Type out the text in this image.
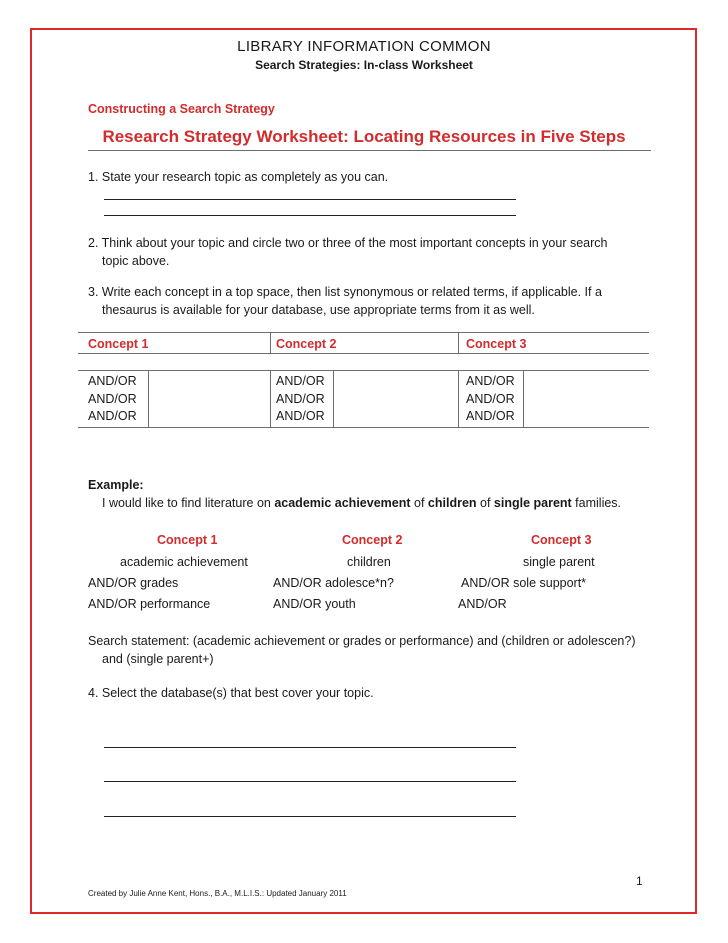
LIBRARY INFORMATION COMMON
Search Strategies: In-class Worksheet
Constructing a Search Strategy
Research Strategy Worksheet: Locating Resources in Five Steps
1. State your research topic as completely as you can.
2. Think about your topic and circle two or three of the most important concepts in your search
topic above.
3. Write each concept in a top space, then list synonymous or related terms, if applicable. If a
thesaurus is available for your database, use appropriate terms from it as well.
Concept 1	Concept 2	Concept 3
AND/OR	AND/OR	AND/OR
AND/OR	AND/OR	AND/OR
AND/OR	AND/OR	AND/OR
Example:
I would like to find literature on academic achievement of children of single parent families.
Concept 1	Concept 2	Concept 3
academic achievement	children	single parent
AND/OR grades	AND/OR adolesce*n?	AND/OR sole support*
AND/OR performance	AND/OR youth	AND/OR
Search statement: (academic achievement or grades or performance) and (children or adolescen?)
and (single parent+)
4. Select the database(s) that best cover your topic.
1
Created by Julie Anne Kent, Hons., B.A., M.L.I.S.: Updated January 2011
